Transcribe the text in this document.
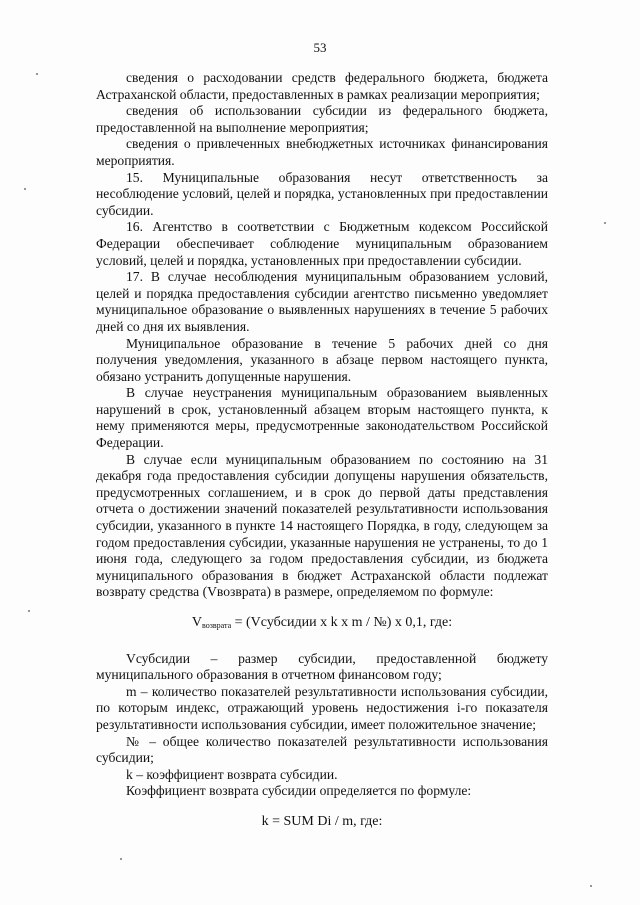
53

сведения о расходовании средств федерального бюджета, бюджета Астраханской области, предоставленных в рамках реализации мероприятия;

сведения об использовании субсидии из федерального бюджета, предоставленной на выполнение мероприятия;

сведения о привлеченных внебюджетных источниках финансирования мероприятия.

15. Муниципальные образования несут ответственность за несоблюдение условий, целей и порядка, установленных при предоставлении субсидии.

16. Агентство в соответствии с Бюджетным кодексом Российской Федерации обеспечивает соблюдение муниципальным образованием условий, целей и порядка, установленных при предоставлении субсидии.

17. В случае несоблюдения муниципальным образованием условий, целей и порядка предоставления субсидии агентство письменно уведомляет муниципальное образование о выявленных нарушениях в течение 5 рабочих дней со дня их выявления.

Муниципальное образование в течение 5 рабочих дней со дня получения уведомления, указанного в абзаце первом настоящего пункта, обязано устранить допущенные нарушения.

В случае неустранения муниципальным образованием выявленных нарушений в срок, установленный абзацем вторым настоящего пункта, к нему применяются меры, предусмотренные законодательством Российской Федерации.

В случае если муниципальным образованием по состоянию на 31 декабря года предоставления субсидии допущены нарушения обязательств, предусмотренных соглашением, и в срок до первой даты представления отчета о достижении значений показателей результативности использования субсидии, указанного в пункте 14 настоящего Порядка, в году, следующем за годом предоставления субсидии, указанные нарушения не устранены, то до 1 июня года, следующего за годом предоставления субсидии, из бюджета муниципального образования в бюджет Астраханской области подлежат возврату средства (Vвозврата) в размере, определяемом по формуле:

$V_{возврата}$ = (Vсубсидии x k x m / №) x 0,1, где:

Vсубсидии – размер субсидии, предоставленной бюджету муниципального образования в отчетном финансовом году;

m – количество показателей результативности использования субсидии, по которым индекс, отражающий уровень недостижения i-го показателя результативности использования субсидии, имеет положительное значение;

№ – общее количество показателей результативности использования субсидии;

k – коэффициент возврата субсидии.

Коэффициент возврата субсидии определяется по формуле:

k = SUM Di / m, где:
